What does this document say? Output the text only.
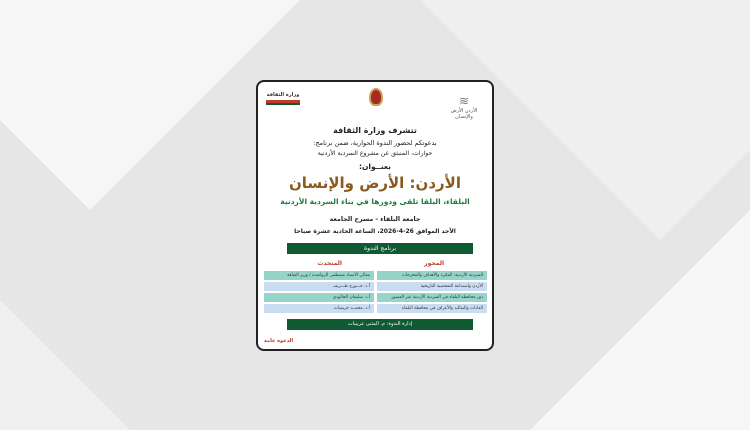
≋
الأردن الأرض والإنسان
وزارة الثقافة
تتشرف وزارة الثقافة
بدعوتكم لحضور الندوة الحوارية، ضمن برنامج:
حوارات، المنبثق عن مشروع السردية الأردنية
بعنــوان:
الأردن: الأرض والإنسان
البلقاء، البلقا تلقى ودورها في بناء السردية الأردنية
جامعة البلقاء - مسرح الجامعة
الأحد الموافق 26-4-2026، الساعة الحادية عشرة صباحا
برنامج الندوة
المحور
المتحدث
السردية الأردنية: الفكرة والأهداف والمخرجات
معالي الأستاذ مصطفى الرواشدة / وزير الثقافة
الأردن واستدامة الشخصية التاريخية
أ.د. جـــورج طـــريف
دور محافظة البلقاء في السردية الأردنية عبر العصور
أ.د. سليمان الجالودي
العادات والتقاليد والأعراف في محافظة البلقاء
أ.د. محمــد خريسات
إدارة الندوة: م. المثنى عريبيات
الدعوة عامة
